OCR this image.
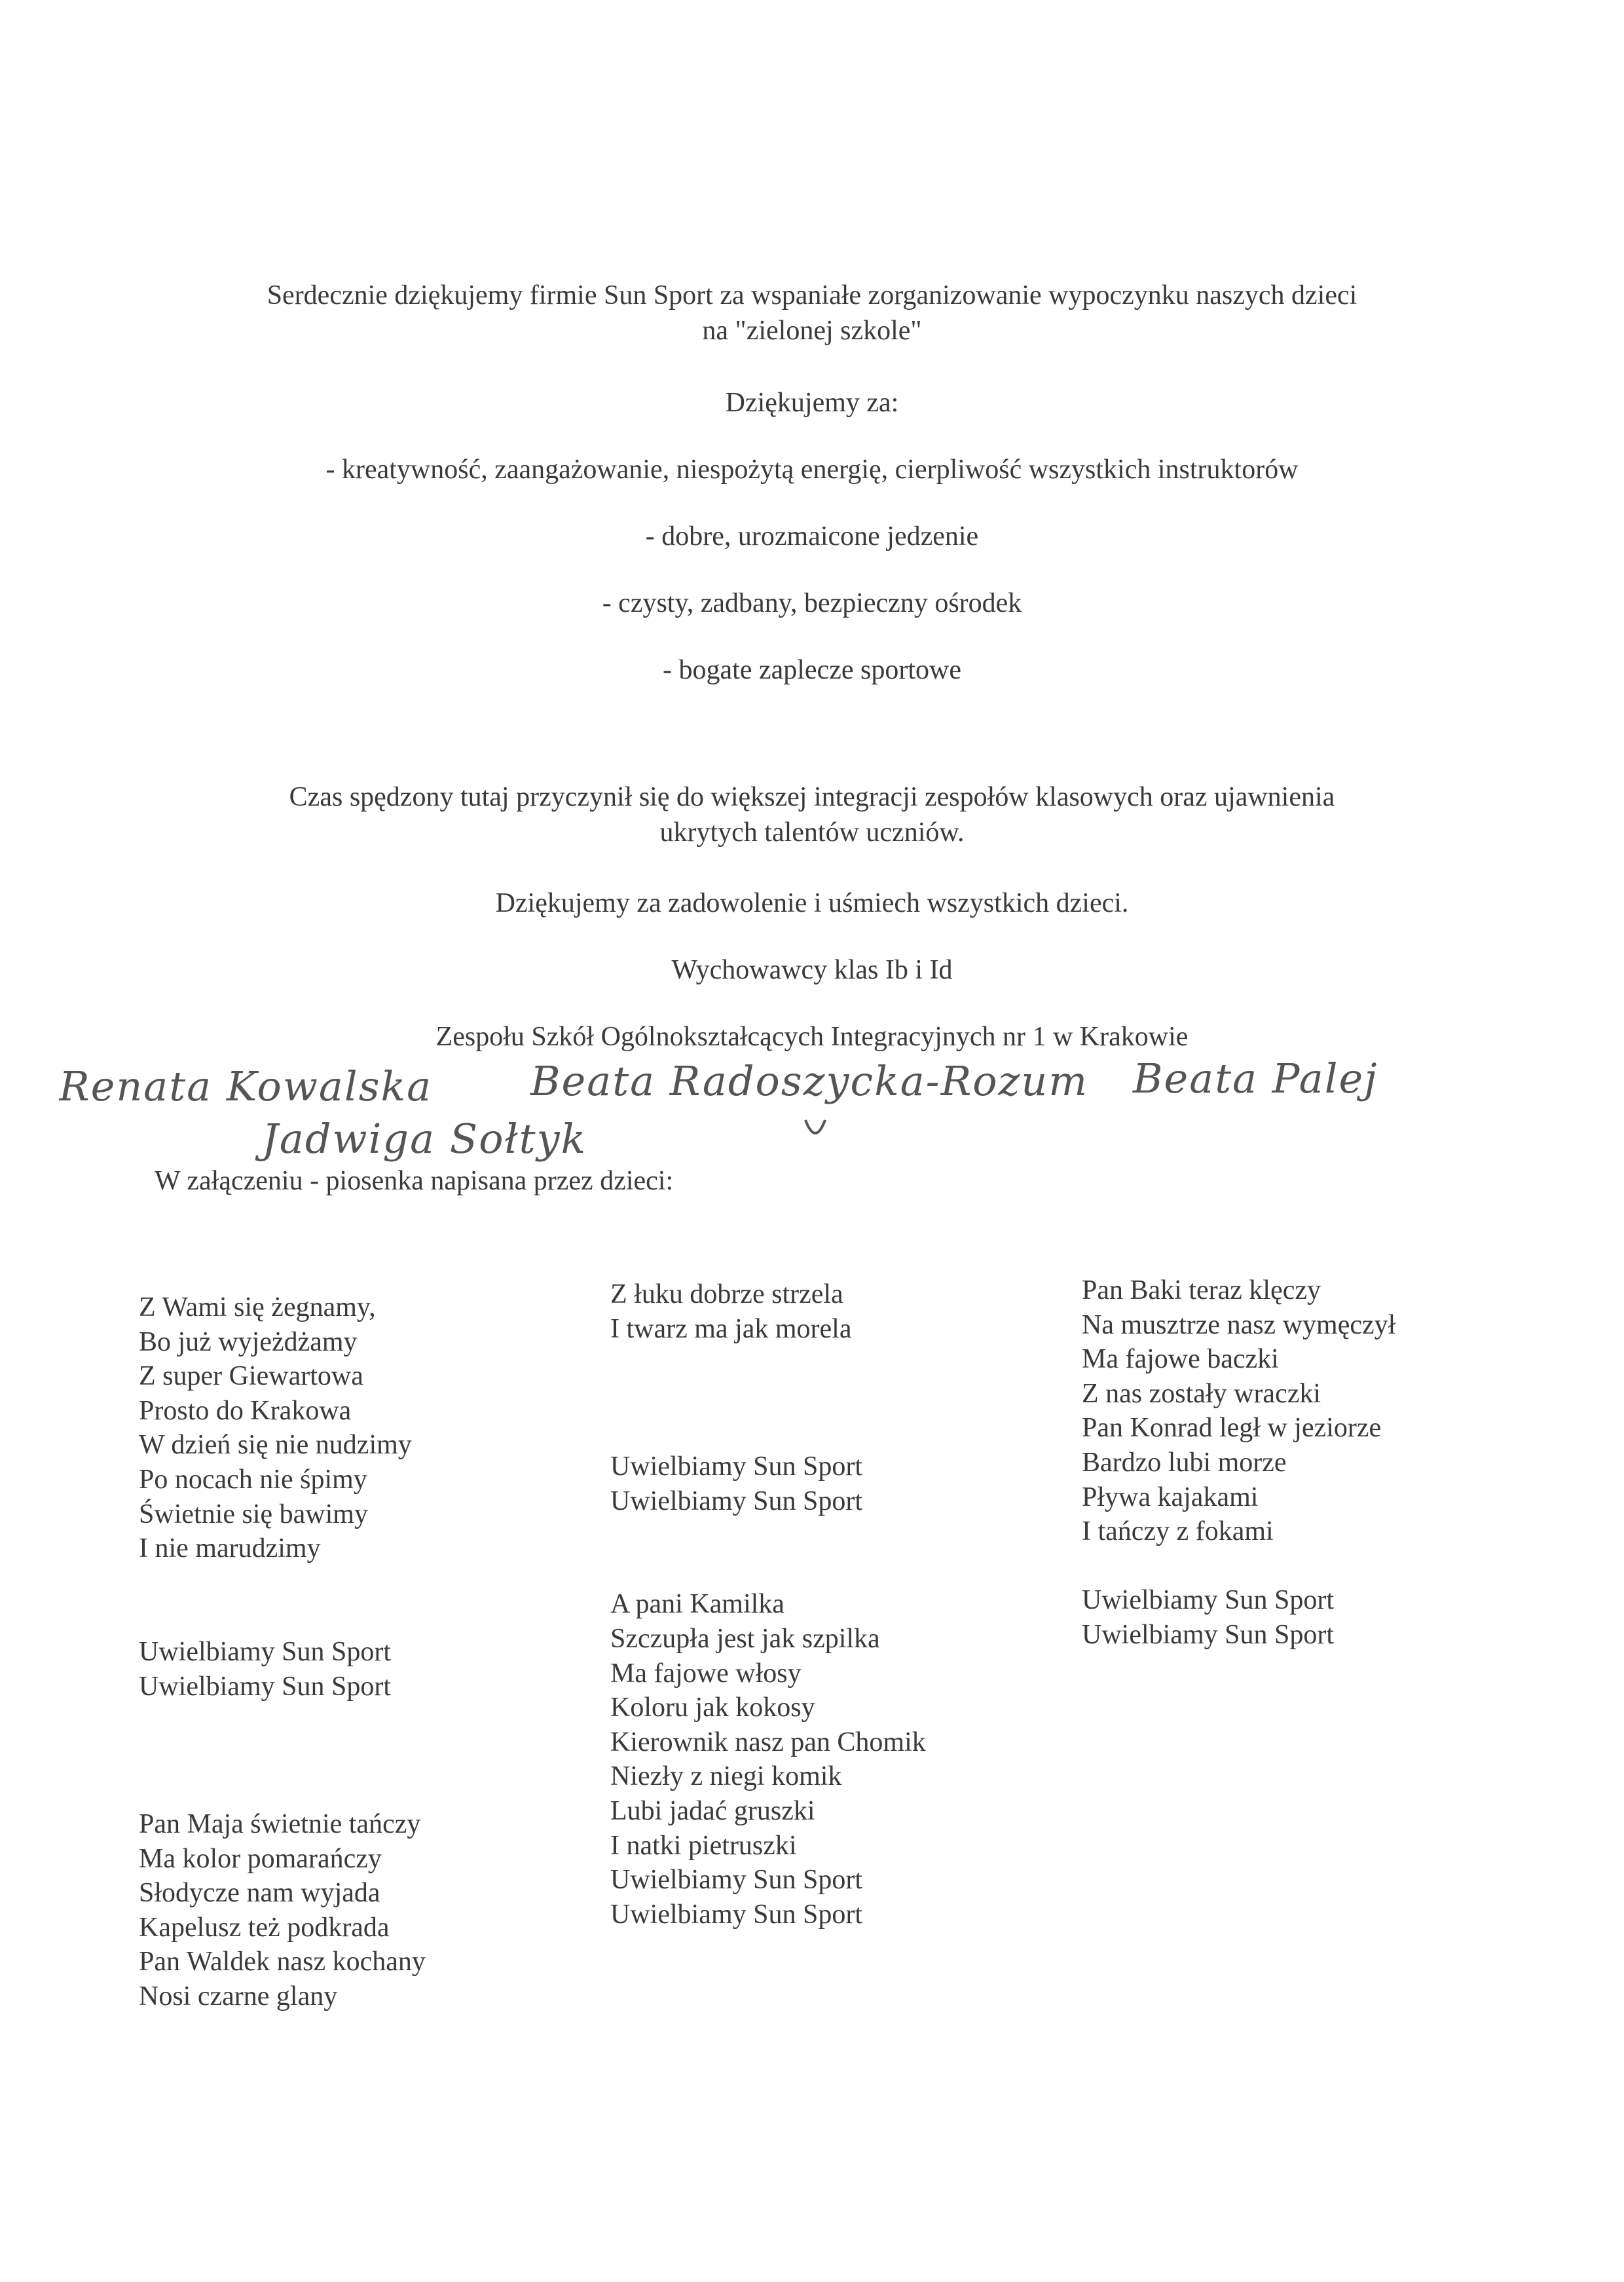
Serdecznie dziękujemy firmie Sun Sport za wspaniałe zorganizowanie wypoczynku naszych dzieci
na "zielonej szkole"
Dziękujemy za:
- kreatywność, zaangażowanie, niespożytą energię, cierpliwość wszystkich instruktorów
- dobre, urozmaicone jedzenie
- czysty, zadbany, bezpieczny ośrodek
- bogate zaplecze sportowe
Czas spędzony tutaj przyczynił się do większej integracji zespołów klasowych oraz ujawnienia
ukrytych talentów uczniów.
Dziękujemy za zadowolenie i uśmiech wszystkich dzieci.
Wychowawcy klas Ib i Id
Zespołu Szkół Ogólnokształcących Integracyjnych nr 1 w Krakowie
Renata Kowalska Beata Radoszycka-Rozum Beata Palej
Jadwiga Sołtyk
W załączeniu - piosenka napisana przez dzieci:
Z Wami się żegnamy,
Bo już wyjeżdżamy
Z super Giewartowa
Prosto do Krakowa
W dzień się nie nudzimy
Po nocach nie śpimy
Świetnie się bawimy
I nie marudzimy

Uwielbiamy Sun Sport
Uwielbiamy Sun Sport

Pan Maja świetnie tańczy
Ma kolor pomarańczy
Słodycze nam wyjada
Kapelusz też podkrada
Pan Waldek nasz kochany
Nosi czarne glany
Z łuku dobrze strzela
I twarz ma jak morela

Uwielbiamy Sun Sport
Uwielbiamy Sun Sport

A pani Kamilka
Szczupła jest jak szpilka
Ma fajowe włosy
Koloru jak kokosy
Kierownik nasz pan Chomik
Niezły z niegi komik
Lubi jadać gruszki
I natki pietruszki
Uwielbiamy Sun Sport
Uwielbiamy Sun Sport
Pan Baki teraz klęczy
Na musztrze nasz wymęczył
Ma fajowe baczki
Z nas zostały wraczki
Pan Konrad legł w jeziorze
Bardzo lubi morze
Pływa kajakami
I tańczy z fokami

Uwielbiamy Sun Sport
Uwielbiamy Sun Sport
